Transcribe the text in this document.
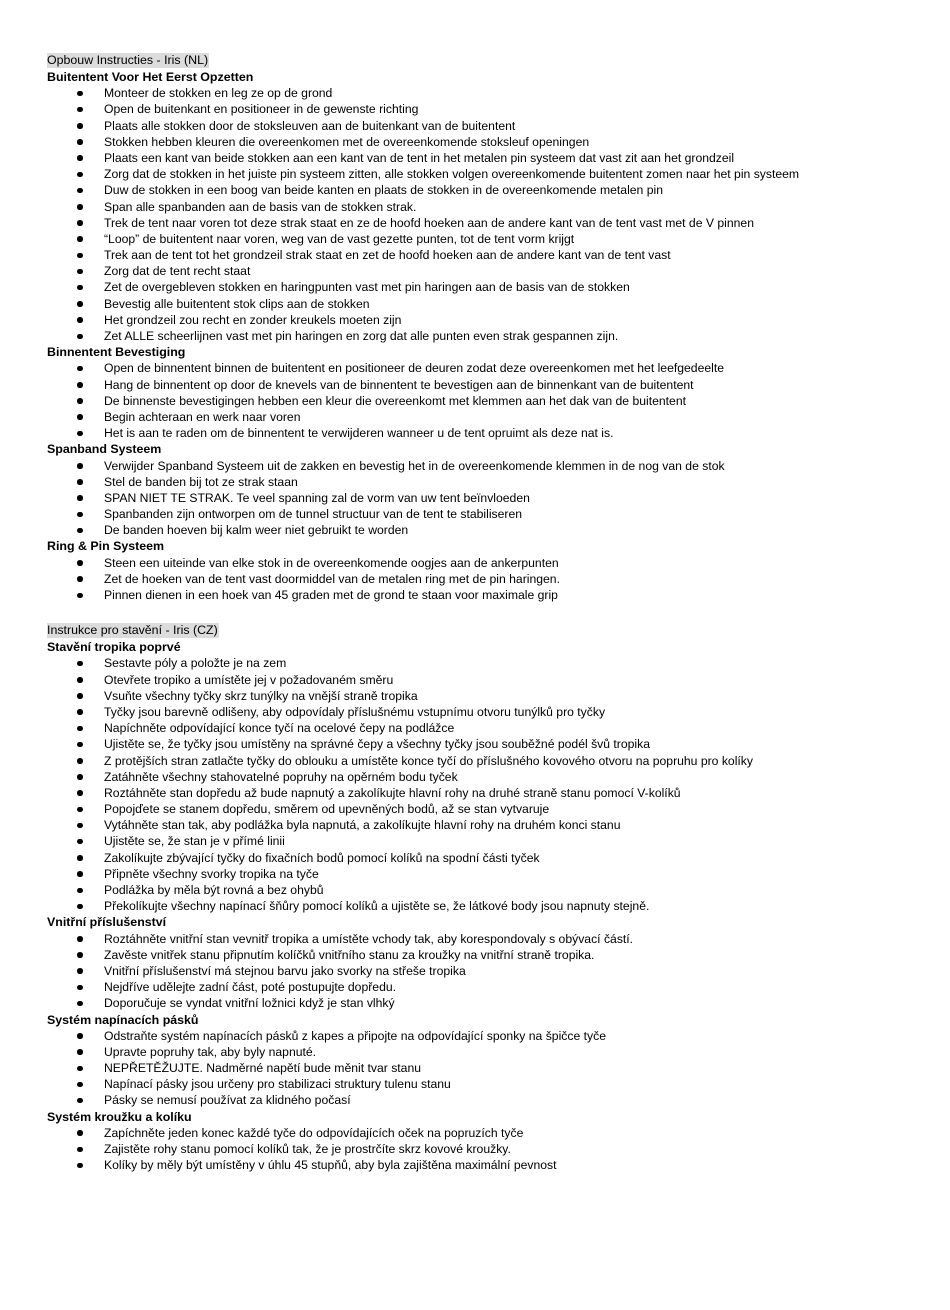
Opbouw Instructies - Iris (NL)
Buitentent Voor Het Eerst Opzetten
Monteer de stokken en leg ze op de grond
Open de buitenkant en positioneer in de gewenste richting
Plaats alle stokken door de stoksleuven aan de buitenkant van de buitentent
Stokken hebben kleuren die overeenkomen met de overeenkomende stoksleuf openingen
Plaats een kant van beide stokken aan een kant van de tent in het metalen pin systeem dat vast zit aan het grondzeil
Zorg dat de stokken in het juiste pin systeem zitten, alle stokken volgen overeenkomende buitentent zomen naar het pin systeem
Duw de stokken in een boog van beide kanten en plaats de stokken in de overeenkomende metalen pin
Span alle spanbanden aan de basis van de stokken strak.
Trek de tent naar voren tot deze strak staat en ze de hoofd hoeken aan de andere kant van de tent vast met de V pinnen
“Loop” de buitentent naar voren, weg van de vast gezette punten, tot de tent vorm krijgt
Trek aan de tent tot het grondzeil strak staat en zet de hoofd hoeken aan de andere kant van de tent vast
Zorg dat de tent recht staat
Zet de overgebleven stokken en haringpunten vast met pin haringen aan de basis van de stokken
Bevestig alle buitentent stok clips aan de stokken
Het grondzeil zou recht en zonder kreukels moeten zijn
Zet ALLE scheerlijnen vast met pin haringen en zorg dat alle punten even strak gespannen zijn.
Binnentent Bevestiging
Open de binnentent binnen de buitentent en positioneer de deuren zodat deze overeenkomen met het leefgedeelte
Hang de binnentent op door de knevels van de binnentent te bevestigen aan de binnenkant van de buitentent
De binnenste bevestigingen hebben een kleur die overeenkomt met klemmen aan het dak van de buitentent
Begin achteraan en werk naar voren
Het is aan te raden om de binnentent te verwijderen wanneer u de tent opruimt als deze nat is.
Spanband Systeem
Verwijder Spanband Systeem uit de zakken en bevestig het in de overeenkomende klemmen in de nog van de stok
Stel de banden bij tot ze strak staan
SPAN NIET TE STRAK. Te veel spanning zal de vorm van uw tent beïnvloeden
Spanbanden zijn ontworpen om de tunnel structuur van de tent te stabiliseren
De banden hoeven bij kalm weer niet gebruikt te worden
Ring & Pin Systeem
Steen een uiteinde van elke stok in de overeenkomende oogjes aan de ankerpunten
Zet de hoeken van de tent vast doormiddel van de metalen ring met de pin haringen.
Pinnen dienen in een hoek van 45 graden met de grond te staan voor maximale grip
Instrukce pro stavění - Iris (CZ)
Stavění tropika poprvé
Sestavte póly a položte je na zem
Otevřete tropiko a umístěte jej v požadovaném směru
Vsuňte všechny tyčky skrz tunýlky na vnější straně tropika
Tyčky jsou barevně odlišeny, aby odpovídaly příslušnému vstupnímu otvoru tunýlků pro tyčky
Napíchněte odpovídající konce tyčí na ocelové čepy na podlážce
Ujistěte se, že tyčky jsou umístěny na správné čepy a všechny tyčky jsou souběžné podél švů tropika
Z protějších stran zatlačte tyčky do oblouku a umístěte konce tyčí do příslušného kovového otvoru na popruhu pro kolíky
Zatáhněte všechny stahovatelné popruhy na opěrném bodu tyček
Roztáhněte stan dopředu až bude napnutý a zakolíkujte hlavní rohy na druhé straně stanu pomocí V-kolíků
Popojďete se stanem dopředu, směrem od upevněných bodů, až se stan vytvaruje
Vytáhněte stan tak, aby podlážka byla napnutá, a zakolíkujte hlavní rohy na druhém konci stanu
Ujistěte se, že stan je v přímé linii
Zakolíkujte zbývající tyčky do fixačních bodů pomocí kolíků na spodní části tyček
Připněte všechny svorky tropika na tyče
Podlážka by měla být rovná a bez ohybů
Překolíkujte všechny napínací šňůry pomocí kolíků a ujistěte se, že látkové body jsou napnuty stejně.
Vnitřní příslušenství
Roztáhněte vnitřní stan vevnitř tropika a umístěte vchody tak, aby korespondovaly s obývací částí.
Zavěste vnitřek stanu připnutím kolíčků vnitřního stanu za kroužky na vnitřní straně tropika.
Vnitřní příslušenství má stejnou barvu jako svorky na střeše tropika
Nejdříve udělejte zadní část, poté postupujte dopředu.
Doporučuje se vyndat vnitřní ložnici když je stan vlhký
Systém napínacích pásků
Odstraňte systém napínacích pásků z kapes a připojte na odpovídající sponky na špičce tyče
Upravte popruhy tak, aby byly napnuté.
NEPŘETĚŽUJTE. Nadměrné napětí bude měnit tvar stanu
Napínací pásky jsou určeny pro stabilizaci struktury tulenu stanu
Pásky se nemusí používat za klidného počasí
Systém kroužku a kolíku
Zapíchněte jeden konec každé tyče do odpovídajících oček na popruzích tyče
Zajistěte rohy stanu pomocí kolíků tak, že je prostrčíte skrz kovové kroužky.
Kolíky by měly být umístěny v úhlu 45 stupňů, aby byla zajištěna maximální pevnost
